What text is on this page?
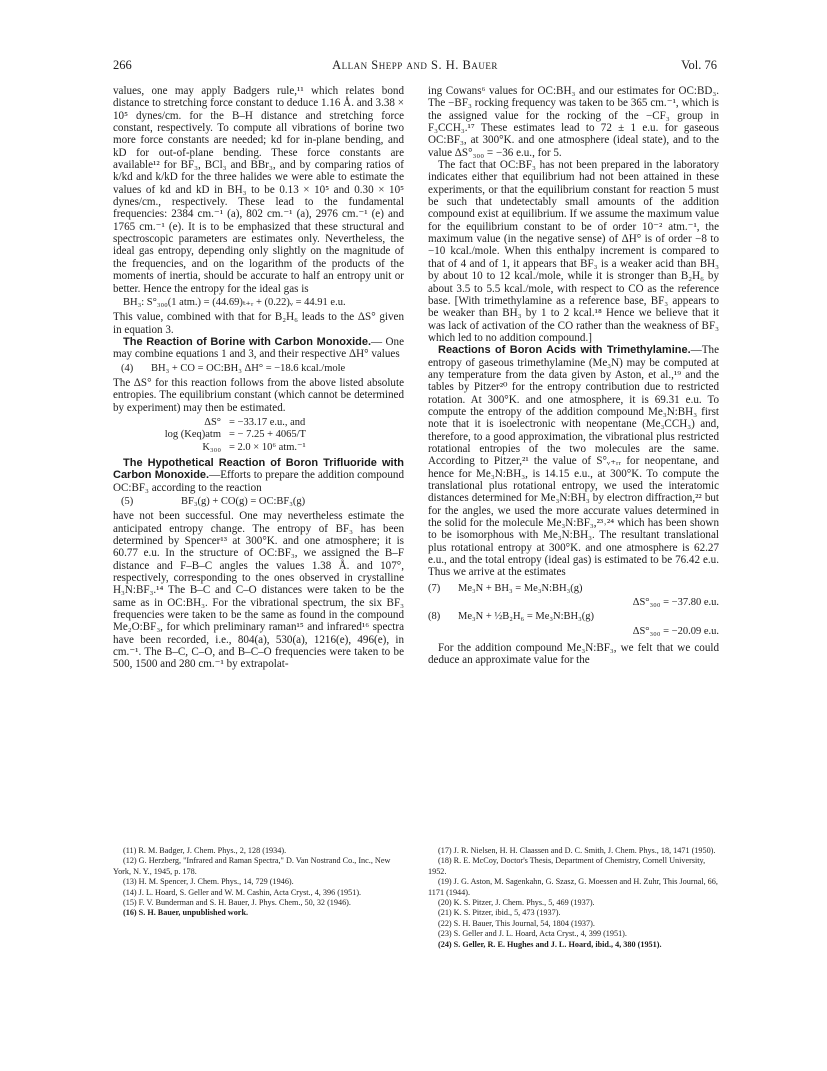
266	Allan Shepp and S. H. Bauer	Vol. 76

values, one may apply Badgers rule,¹¹ which relates bond distance to stretching force constant to deduce 1.16 Å. and 3.38 × 10⁵ dynes/cm. for the B–H distance and stretching force constant, respectively. To compute all vibrations of borine two more force constants are needed; kd for in-plane bending, and kD for out-of-plane bending. These force constants are available¹² for BF₃, BCl₃ and BBr₃, and by comparing ratios of k/kd and k/kD for the three halides we were able to estimate the values of kd and kD in BH₃ to be 0.13 × 10⁵ and 0.30 × 10⁵ dynes/cm., respectively. These lead to the fundamental frequencies: 2384 cm.⁻¹ (a), 802 cm.⁻¹ (a), 2976 cm.⁻¹ (e) and 1765 cm.⁻¹ (e). It is to be emphasized that these structural and spectroscopic parameters are estimates only. Nevertheless, the ideal gas entropy, depending only slightly on the magnitude of the frequencies, and on the logarithm of the products of the moments of inertia, should be accurate to half an entropy unit or better. Hence the entropy for the ideal gas is

BH₃: S°₃₀₀(1 atm.) = (44.69)ₜ₊ᵣ + (0.22)ᵥ = 44.91 e.u.

This value, combined with that for B₂H₆ leads to the ΔS° given in equation 3.

The Reaction of Borine with Carbon Monoxide.— One may combine equations 1 and 3, and their respective ΔH° values

(4) BH₃ + CO = OC:BH₃ ΔH° = −18.6 kcal./mole

The ΔS° for this reaction follows from the above listed absolute entropies. The equilibrium constant (which cannot be determined by experiment) may then be estimated.

ΔS° = −33.17 e.u., and
log (Keq)atm = − 7.25 + 4065/T
K₃₀₀ = 2.0 × 10⁶ atm.⁻¹

The Hypothetical Reaction of Boron Trifluoride with Carbon Monoxide.—Efforts to prepare the addition compound OC:BF₃ according to the reaction

(5)	BF₃(g) + CO(g) = OC:BF₃(g)

have not been successful. One may nevertheless estimate the anticipated entropy change. The entropy of BF₃ has been determined by Spencer¹³ at 300°K. and one atmosphere; it is 60.77 e.u. In the structure of OC:BF₃, we assigned the B–F distance and F–B–C angles the values 1.38 Å. and 107°, respectively, corresponding to the ones observed in crystalline H₃N:BF₃.¹⁴ The B–C and C–O distances were taken to be the same as in OC:BH₃. For the vibrational spectrum, the six BF₃ frequencies were taken to be the same as found in the compound Me₂O:BF₃, for which preliminary raman¹⁵ and infrared¹⁶ spectra have been recorded, i.e., 804(a), 530(a), 1216(e), 496(e), in cm.⁻¹. The B–C, C–O, and B–C–O frequencies were taken to be 500, 1500 and 280 cm.⁻¹ by extrapolat-

ing Cowans⁶ values for OC:BH₃ and our estimates for OC:BD₃. The −BF₃ rocking frequency was taken to be 365 cm.⁻¹, which is the assigned value for the rocking of the −CF₃ group in F₃CCH₃.¹⁷ These estimates lead to 72 ± 1 e.u. for gaseous OC:BF₃, at 300°K. and one atmosphere (ideal state), and to the value ΔS°₃₀₀ = −36 e.u., for 5.

The fact that OC:BF₃ has not been prepared in the laboratory indicates either that equilibrium had not been attained in these experiments, or that the equilibrium constant for reaction 5 must be such that undetectably small amounts of the addition compound exist at equilibrium. If we assume the maximum value for the equilibrium constant to be of order 10⁻² atm.⁻¹, the maximum value (in the negative sense) of ΔH° is of order −8 to −10 kcal./mole. When this enthalpy increment is compared to that of 4 and of 1, it appears that BF₃ is a weaker acid than BH₃ by about 10 to 12 kcal./mole, while it is stronger than B₂H₆ by about 3.5 to 5.5 kcal./mole, with respect to CO as the reference base. [With trimethylamine as a reference base, BF₃ appears to be weaker than BH₃ by 1 to 2 kcal.¹⁸ Hence we believe that it was lack of activation of the CO rather than the weakness of BF₃ which led to no addition compound.]

Reactions of Boron Acids with Trimethylamine.—The entropy of gaseous trimethylamine (Me₃N) may be computed at any temperature from the data given by Aston, et al.,¹⁹ and the tables by Pitzer²⁰ for the entropy contribution due to restricted rotation. At 300°K. and one atmosphere, it is 69.31 e.u. To compute the entropy of the addition compound Me₃N:BH₃ first note that it is isoelectronic with neopentane (Me₃CCH₃) and, therefore, to a good approximation, the vibrational plus restricted rotational entropies of the two molecules are the same. According to Pitzer,²¹ the value of S°ᵥ₊ᵣᵣ for neopentane, and hence for Me₃N:BH₃, is 14.15 e.u., at 300°K. To compute the translational plus rotational entropy, we used the interatomic distances determined for Me₃N:BH₃ by electron diffraction,²² but for the angles, we used the more accurate values determined in the solid for the molecule Me₃N:BF₃,²³˒²⁴ which has been shown to be isomorphous with Me₃N:BH₃. The resultant translational plus rotational entropy at 300°K. and one atmosphere is 62.27 e.u., and the total entropy (ideal gas) is estimated to be 76.42 e.u. Thus we arrive at the estimates

(7) Me₃N + BH₃ = Me₃N:BH₃(g)
ΔS°₃₀₀ = −37.80 e.u.
(8) Me₃N + ½B₂H₆ = Me₃N:BH₃(g)
ΔS°₃₀₀ = −20.09 e.u.

For the addition compound Me₃N:BF₃, we felt that we could deduce an approximate value for the

(11) R. M. Badger, J. Chem. Phys., 2, 128 (1934).
(12) G. Herzberg, "Infrared and Raman Spectra," D. Van Nostrand Co., Inc., New York, N. Y., 1945, p. 178.
(13) H. M. Spencer, J. Chem. Phys., 14, 729 (1946).
(14) J. L. Hoard, S. Geller and W. M. Cashin, Acta Cryst., 4, 396 (1951).
(15) F. V. Bunderman and S. H. Bauer, J. Phys. Chem., 50, 32 (1946).
(16) S. H. Bauer, unpublished work.
(17) J. R. Nielsen, H. H. Claassen and D. C. Smith, J. Chem. Phys., 18, 1471 (1950).
(18) R. E. McCoy, Doctor's Thesis, Department of Chemistry, Cornell University, 1952.
(19) J. G. Aston, M. Sagenkahn, G. Szasz, G. Moessen and H. Zuhr, This Journal, 66, 1171 (1944).
(20) K. S. Pitzer, J. Chem. Phys., 5, 469 (1937).
(21) K. S. Pitzer, ibid., 5, 473 (1937).
(22) S. H. Bauer, This Journal, 54, 1804 (1937).
(23) S. Geller and J. L. Hoard, Acta Cryst., 4, 399 (1951).
(24) S. Geller, R. E. Hughes and J. L. Hoard, ibid., 4, 380 (1951).
